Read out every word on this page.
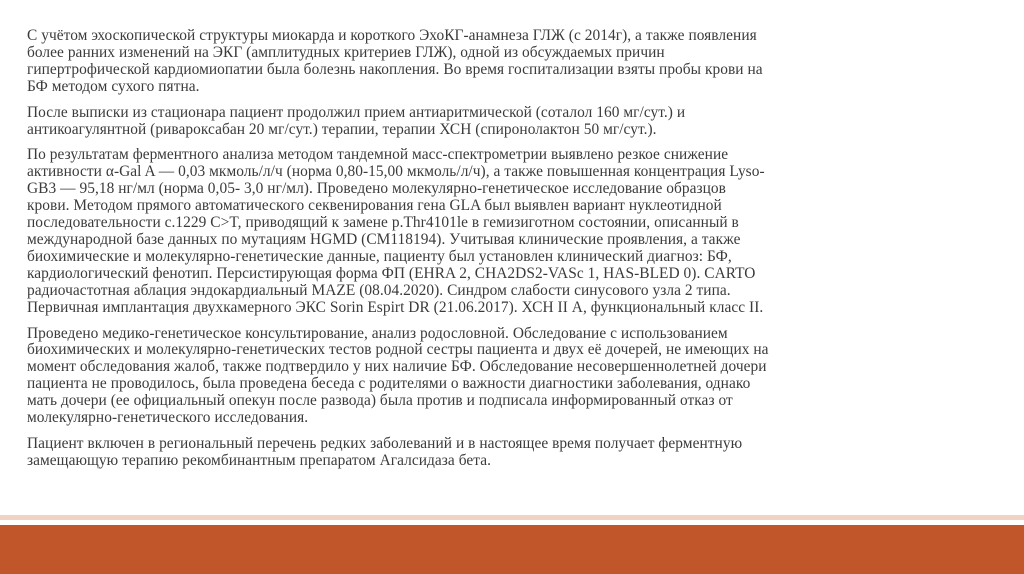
С учётом эхоскопической структуры миокарда и короткого ЭхоКГ-анамнеза ГЛЖ (с 2014г), а также появления
более ранних изменений на ЭКГ (амплитудных критериев ГЛЖ), одной из обсуждаемых причин
гипертрофической кардиомиопатии была болезнь накопления. Во время госпитализации взяты пробы крови на
БФ методом сухого пятна.

После выписки из стационара пациент продолжил прием антиаритмической (соталол 160 мг/сут.) и
антикоагулянтной (ривароксабан 20 мг/сут.) терапии, терапии ХСН (спиронолактон 50 мг/сут.).

По результатам ферментного анализа методом тандемной масс-спектрометрии выявлено резкое снижение
активности α-Gal A — 0,03 мкмоль/л/ч (норма 0,80-15,00 мкмоль/л/ч), а также повышенная концентрация Lyso-
GB3 — 95,18 нг/мл (норма 0,05- 3,0 нг/мл). Проведено молекулярно-генетическое исследование образцов
крови. Методом прямого автоматического секвенирования гена GLA был выявлен вариант нуклеотидной
последовательности c.1229 C>T, приводящий к замене p.Thr4101le в гемизиготном состоянии, описанный в
международной базе данных по мутациям HGMD (CM118194). Учитывая клинические проявления, а также
биохимические и молекулярно-генетические данные, пациенту был установлен клинический диагноз: БФ,
кардиологический фенотип. Персистирующая форма ФП (EHRA 2, CHA2DS2-VASc 1, HAS-BLED 0). CARTO
радиочастотная аблация эндокардиальный MAZE (08.04.2020). Синдром слабости синусового узла 2 типа.
Первичная имплантация двухкамерного ЭКС Sorin Espirt DR (21.06.2017). ХСН II А, функциональный класс II.

Проведено медико-генетическое консультирование, анализ родословной. Обследование с использованием
биохимических и молекулярно-генетических тестов родной сестры пациента и двух её дочерей, не имеющих на
момент обследования жалоб, также подтвердило у них наличие БФ. Обследование несовершеннолетней дочери
пациента не проводилось, была проведена беседа с родителями о важности диагностики заболевания, однако
мать дочери (ее официальный опекун после развода) была против и подписала информированный отказ от
молекулярно-генетического исследования.

Пациент включен в региональный перечень редких заболеваний и в настоящее время получает ферментную
замещающую терапию рекомбинантным препаратом Агалсидаза бета.
